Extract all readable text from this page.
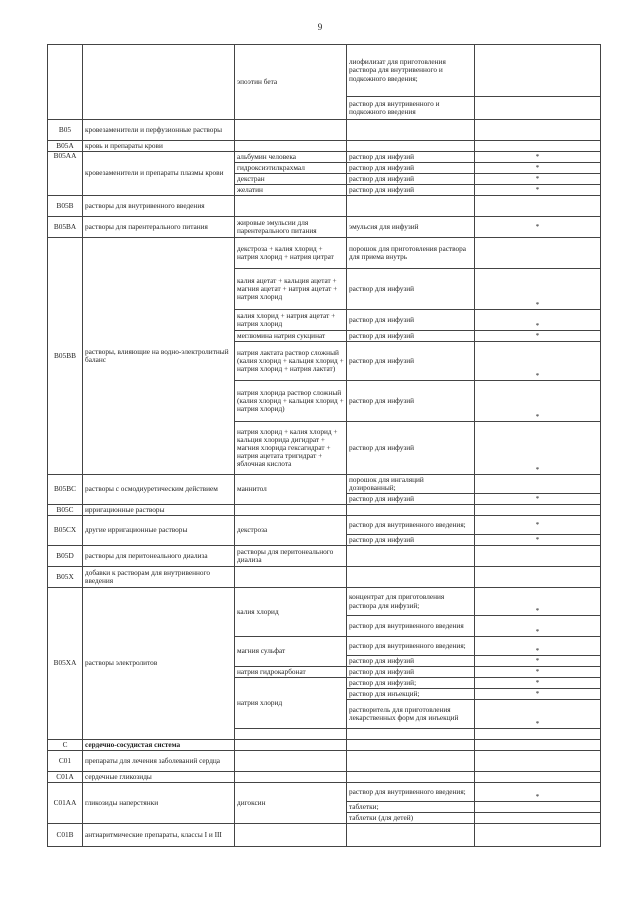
9
		эпоэтин бета	лиофилизат для приготовления раствора для внутривенного и подкожного введения;	
			раствор для внутривенного и подкожного введения	
B05	кровезаменители и перфузионные растворы			
B05A	кровь и препараты крови			
B05AA	кровезаменители и препараты плазмы крови	альбумин человека	раствор для инфузий	*
		гидроксиэтилкрахмал	раствор для инфузий	*
		декстран	раствор для инфузий	*
		желатин	раствор для инфузий	*
B05B	растворы для внутривенного введения			
B05BA	растворы для парентерального питания	жировые эмульсии для парентерального питания	эмульсия для инфузий	*
B05BB	растворы, влияющие на водно-электролитный баланс	декстроза + калия хлорид + натрия хлорид + натрия цитрат	порошок для приготовления раствора для приема внутрь	
		калия ацетат + кальция ацетат + магния ацетат + натрия ацетат + натрия хлорид	раствор для инфузий	*
		калия хлорид + натрия ацетат + натрия хлорид	раствор для инфузий	*
		меглюмина натрия сукцинат	раствор для инфузий	*
		натрия лактата раствор сложный (калия хлорид + кальция хлорид + натрия хлорид + натрия лактат)	раствор для инфузий	*
		натрия хлорида раствор сложный (калия хлорид + кальция хлорид + натрия хлорид)	раствор для инфузий	*
		натрия хлорид + калия хлорид + кальция хлорида дигидрат + магния хлорида гексагидрат + натрия ацетата тригидрат + яблочная кислота	раствор для инфузий	*
B05BC	растворы с осмодиуретическим действием	маннитол	порошок для ингаляций дозированный;	
			раствор для инфузий	*
B05C	ирригационные растворы			
B05CX	другие ирригационные растворы	декстроза	раствор для внутривенного введения;	*
			раствор для инфузий	*
B05D	растворы для перитонеального диализа	растворы для перитонеального диализа		
B05X	добавки к растворам для внутривенного введения			
B05XA	растворы электролитов	калия хлорид	концентрат для приготовления раствора для инфузий;	*
			раствор для внутривенного введения	*
		магния сульфат	раствор для внутривенного введения;	*
			раствор для инфузий	*
		натрия гидрокарбонат	раствор для инфузий	*
		натрия хлорид	раствор для инфузий;	*
			раствор для инъекций;	*
			растворитель для приготовления лекарственных форм для инъекций	*

C	сердечно-сосудистая система			
C01	препараты для лечения заболеваний сердца			
C01A	сердечные гликозиды			
C01AA	гликозиды наперстянки	дигоксин	раствор для внутривенного введения;	*
			таблетки;	
			таблетки (для детей)	
C01B	антиаритмические препараты, классы I и III			
